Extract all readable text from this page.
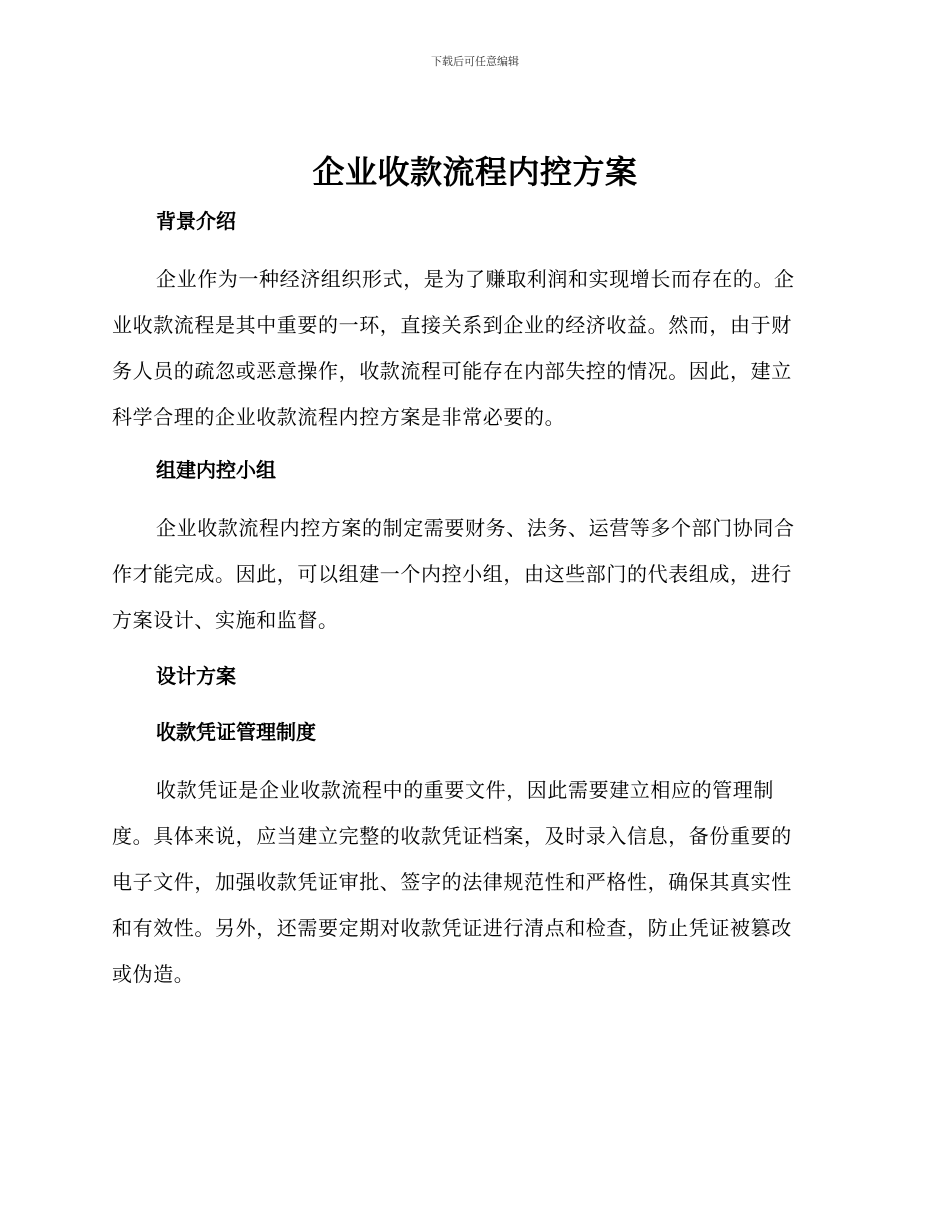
下载后可任意编辑
企业收款流程内控方案
背景介绍
企业作为一种经济组织形式，是为了赚取利润和实现增长而存在的。企
业收款流程是其中重要的一环，直接关系到企业的经济收益。然而，由于财
务人员的疏忽或恶意操作，收款流程可能存在内部失控的情况。因此，建立
科学合理的企业收款流程内控方案是非常必要的。
组建内控小组
企业收款流程内控方案的制定需要财务、法务、运营等多个部门协同合
作才能完成。因此，可以组建一个内控小组，由这些部门的代表组成，进行
方案设计、实施和监督。
设计方案
收款凭证管理制度
收款凭证是企业收款流程中的重要文件，因此需要建立相应的管理制
度。具体来说，应当建立完整的收款凭证档案，及时录入信息，备份重要的
电子文件，加强收款凭证审批、签字的法律规范性和严格性，确保其真实性
和有效性。另外，还需要定期对收款凭证进行清点和检查，防止凭证被篡改
或伪造。
